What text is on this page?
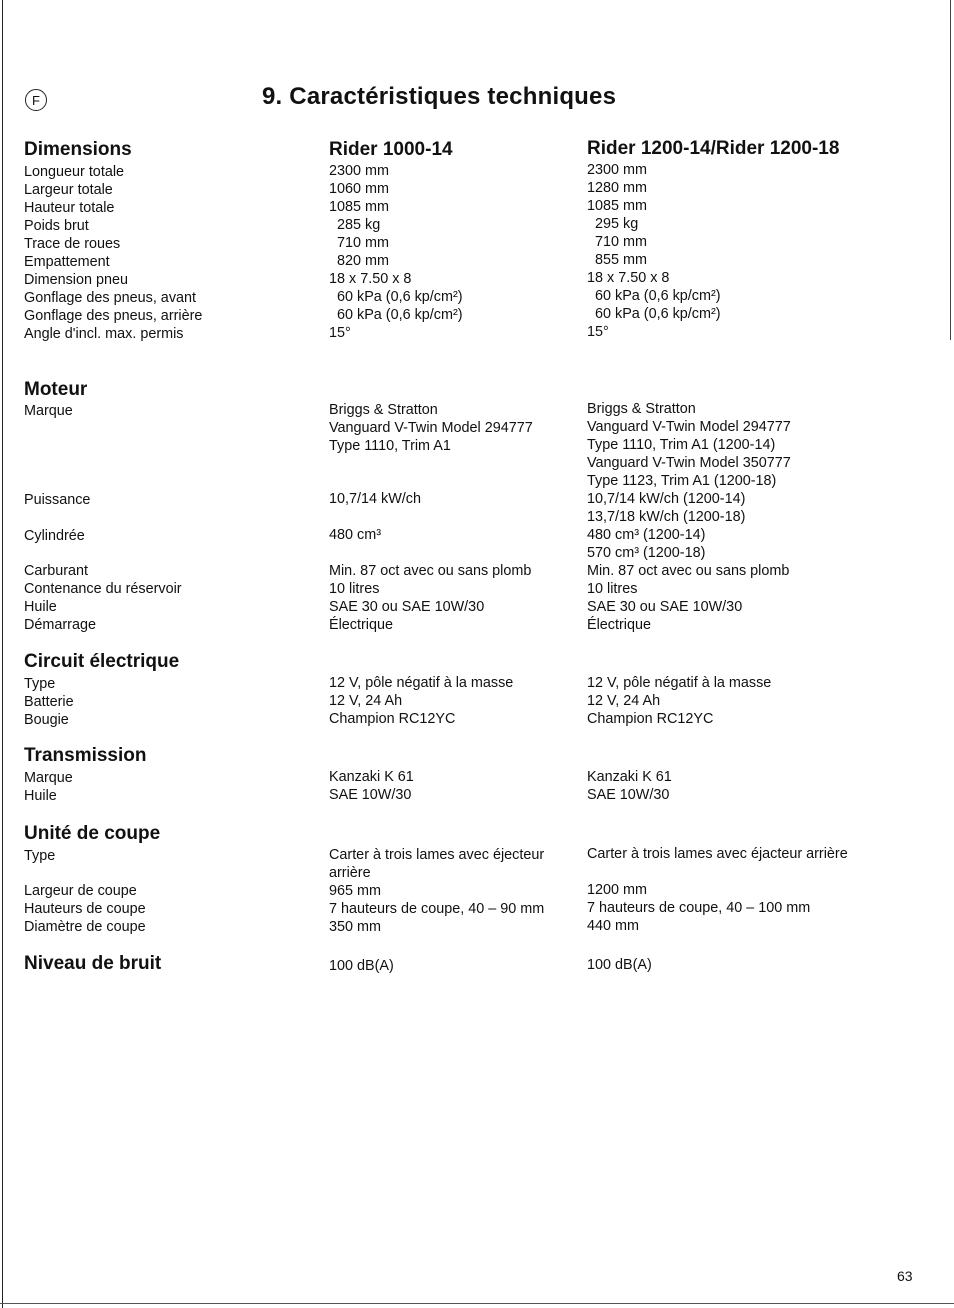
F	9. Caractéristiques techniques
Dimensions
Longueur totale
Largeur totale
Hauteur totale
Poids brut
Trace de roues
Empattement
Dimension pneu
Gonflage des pneus, avant
Gonflage des pneus, arrière
Angle d'incl. max. permis
Moteur
Marque
Puissance
Cylindrée
Carburant
Contenance du réservoir
Huile
Démarrage
Circuit électrique
Type
Batterie
Bougie
Transmission
Marque
Huile
Unité de coupe
Type
Largeur de coupe
Hauteurs de coupe
Diamètre de coupe
Niveau de bruit
Rider 1000-14
2300 mm
1060 mm
1085 mm
285 kg
710 mm
820 mm
18 x 7.50 x 8
60 kPa (0,6 kp/cm²)
60 kPa (0,6 kp/cm²)
15°
Briggs & Stratton
Vanguard V-Twin Model 294777
Type 1110, Trim A1
10,7/14 kW/ch
480 cm³
Min. 87 oct avec ou sans plomb
10 litres
SAE 30 ou SAE 10W/30
Électrique
12 V, pôle négatif à la masse
12 V, 24 Ah
Champion RC12YC
Kanzaki K 61
SAE 10W/30
Carter à trois lames avec éjecteur
arrière
965 mm
7 hauteurs de coupe, 40 – 90 mm
350 mm
100 dB(A)
Rider 1200-14/Rider 1200-18
2300 mm
1280 mm
1085 mm
295 kg
710 mm
855 mm
18 x 7.50 x 8
60 kPa (0,6 kp/cm²)
60 kPa (0,6 kp/cm²)
15°
Briggs & Stratton
Vanguard V-Twin Model 294777
Type 1110, Trim A1 (1200-14)
Vanguard V-Twin Model 350777
Type 1123, Trim A1 (1200-18)
10,7/14 kW/ch (1200-14)
13,7/18 kW/ch (1200-18)
480 cm³ (1200-14)
570 cm³ (1200-18)
Min. 87 oct avec ou sans plomb
10 litres
SAE 30 ou SAE 10W/30
Électrique
12 V, pôle négatif à la masse
12 V, 24 Ah
Champion RC12YC
Kanzaki K 61
SAE 10W/30
Carter à trois lames avec éjacteur arrière
1200 mm
7 hauteurs de coupe, 40 – 100 mm
440 mm
100 dB(A)
63
